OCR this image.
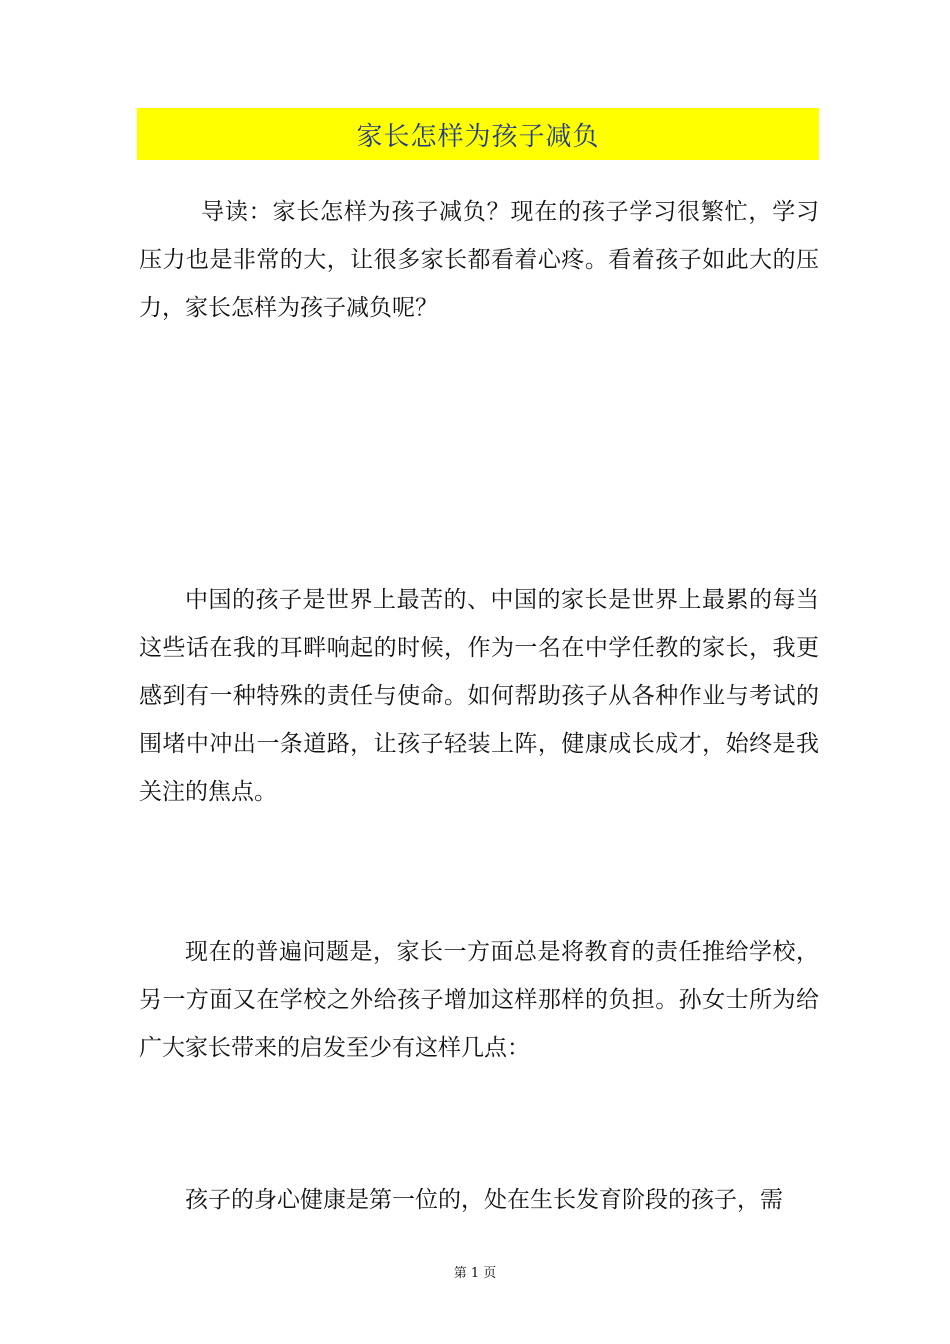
家长怎样为孩子减负

导读：家长怎样为孩子减负？现在的孩子学习很繁忙，学习压力也是非常的大，让很多家长都看着心疼。看着孩子如此大的压力，家长怎样为孩子减负呢？

中国的孩子是世界上最苦的、中国的家长是世界上最累的每当这些话在我的耳畔响起的时候，作为一名在中学任教的家长，我更感到有一种特殊的责任与使命。如何帮助孩子从各种作业与考试的围堵中冲出一条道路，让孩子轻装上阵，健康成长成才，始终是我关注的焦点。

现在的普遍问题是，家长一方面总是将教育的责任推给学校，另一方面又在学校之外给孩子增加这样那样的负担。孙女士所为给广大家长带来的启发至少有这样几点：

孩子的身心健康是第一位的，处在生长发育阶段的孩子，需

第 1 页
